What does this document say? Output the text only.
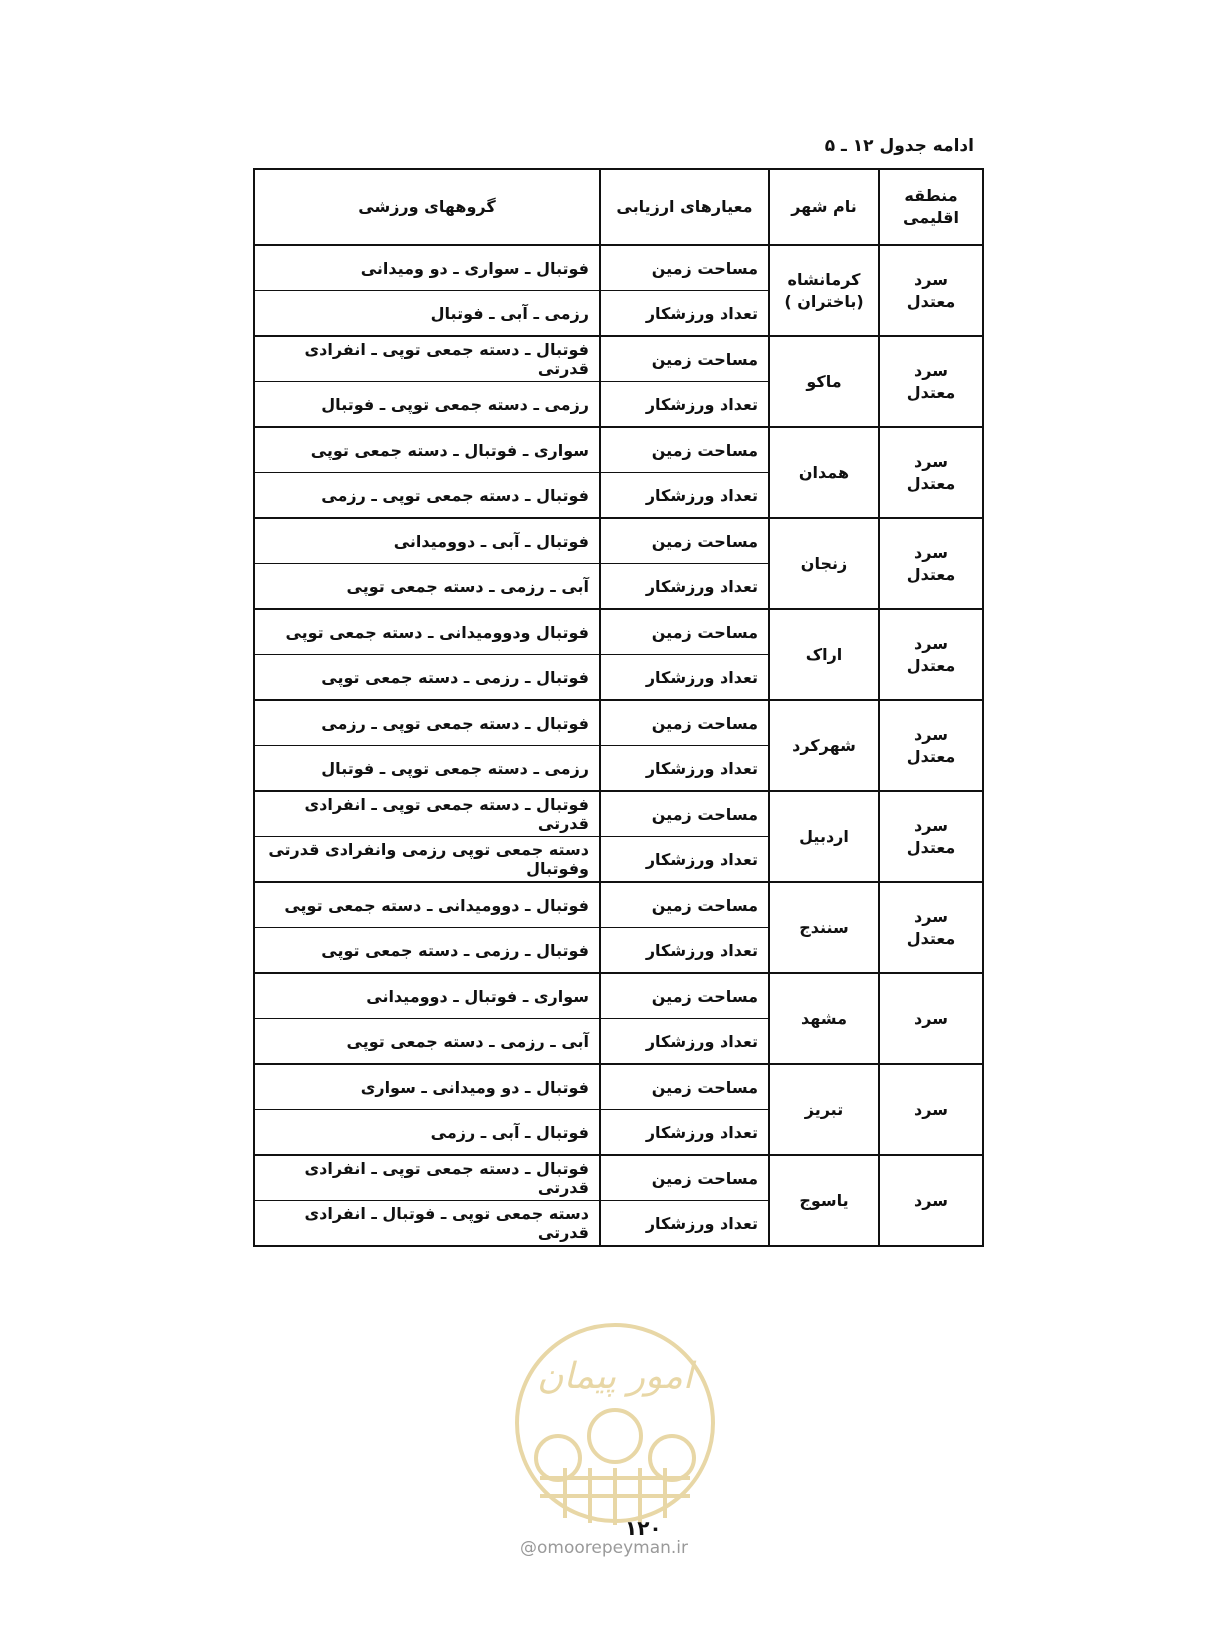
ادامه جدول ۱۲ ـ ۵
منطقه اقلیمی	نام شهر	معیارهای ارزیابی	گروههای ورزشی
سرد معتدل	کرمانشاه (باختران )	مساحت زمین	فوتبال ـ سواری ـ دو ومیدانی
		تعداد ورزشکار	رزمی ـ آبی ـ فوتبال
سرد معتدل	ماکو	مساحت زمین	فوتبال ـ دسته جمعی توپی ـ انفرادی قدرتی
		تعداد ورزشکار	رزمی ـ دسته جمعی توپی ـ فوتبال
سرد معتدل	همدان	مساحت زمین	سواری ـ فوتبال ـ دسته جمعی توپی
		تعداد ورزشکار	فوتبال ـ دسته جمعی توپی ـ رزمی
سرد معتدل	زنجان	مساحت زمین	فوتبال ـ آبی ـ دوومیدانی
		تعداد ورزشکار	آبی ـ رزمی ـ دسته جمعی توپی
سرد معتدل	اراک	مساحت زمین	فوتبال ودوومیدانی ـ دسته جمعی توپی
		تعداد ورزشکار	فوتبال ـ رزمی ـ دسته جمعی توپی
سرد معتدل	شهرکرد	مساحت زمین	فوتبال ـ دسته جمعی توپی ـ رزمی
		تعداد ورزشکار	رزمی ـ دسته جمعی توپی ـ فوتبال
سرد معتدل	اردبیل	مساحت زمین	فوتبال ـ دسته جمعی توپی ـ انفرادی قدرتی
		تعداد ورزشکار	دسته جمعی توپی رزمی وانفرادی قدرتی وفوتبال
سرد معتدل	سنندج	مساحت زمین	فوتبال ـ دوومیدانی ـ دسته جمعی توپی
		تعداد ورزشکار	فوتبال ـ رزمی ـ دسته جمعی توپی
سرد	مشهد	مساحت زمین	سواری ـ فوتبال ـ دوومیدانی
		تعداد ورزشکار	آبی ـ رزمی ـ دسته جمعی توپی
سرد	تبریز	مساحت زمین	فوتبال ـ دو ومیدانی ـ سواری
		تعداد ورزشکار	فوتبال ـ آبی ـ رزمی
سرد	یاسوج	مساحت زمین	فوتبال ـ دسته جمعی توپی ـ انفرادی قدرتی
		تعداد ورزشکار	دسته جمعی توپی ـ فوتبال ـ انفرادی قدرتی
امور پیمان
۱۲۰
@omoorepeyman.ir
